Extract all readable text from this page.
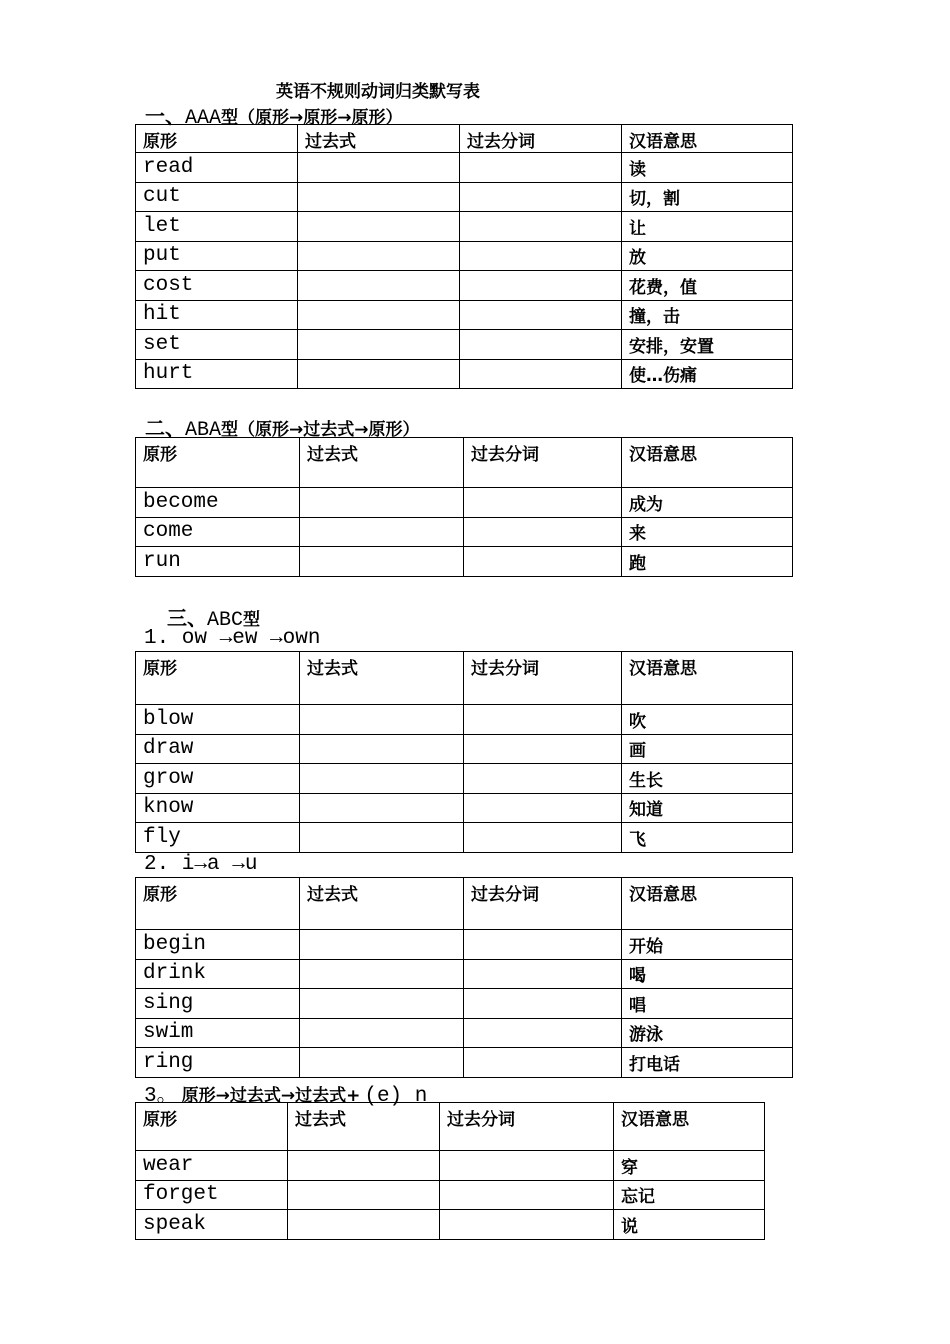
英语不规则动词归类默写表
一、AAA型（原形→原形→原形）
原形	过去式	过去分词	汉语意思
read			读
cut			切，割
let			让
put			放
cost			花费，值
hit			撞，击
set			安排，安置
hurt			使…伤痛
二、ABA型（原形→过去式→原形）
原形	过去式	过去分词	汉语意思
become			成为
come			来
run			跑
三、ABC型
1. ow →ew →own
原形	过去式	过去分词	汉语意思
blow			吹
draw			画
grow			生长
know			知道
fly			飞
2. i→a →u
原形	过去式	过去分词	汉语意思
begin			开始
drink			喝
sing			唱
swim			游泳
ring			打电话
3。 原形→过去式→过去式+ (e) n
原形	过去式	过去分词	汉语意思
wear			穿
forget			忘记
speak			说
